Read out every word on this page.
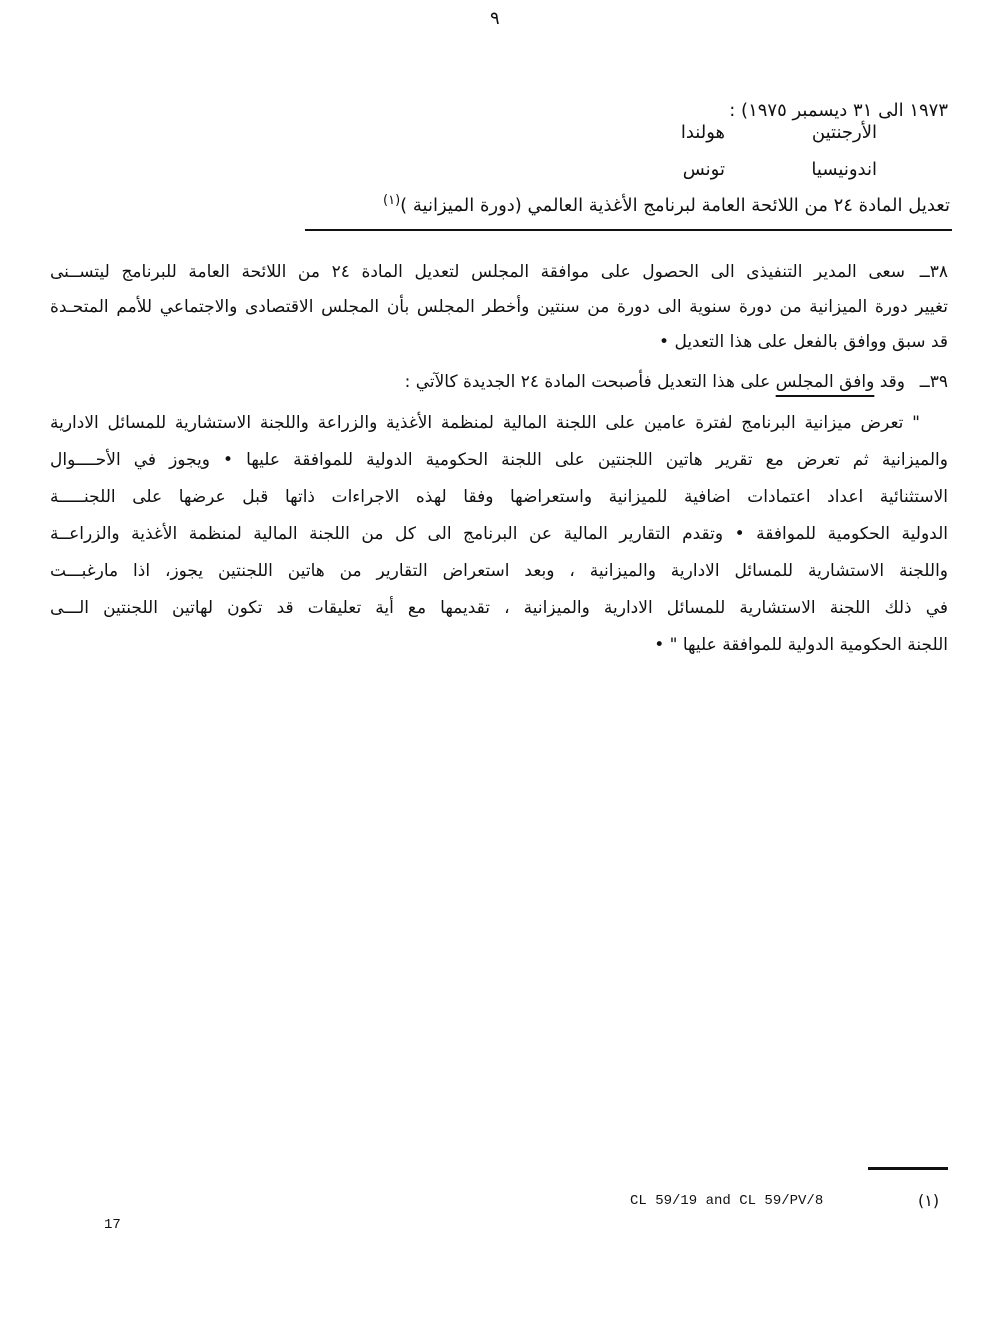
٩
١٩٧٣ الى ٣١ ديسمبر ١٩٧٥) :
الأرجنتين
اندونيسيا
هولندا
تونس
تعديل المادة ٢٤ من اللائحة العامة لبرنامج الأغذية العالمي (دورة الميزانية )$^{(١)}$
٣٨ــ
سعى المدير التنفيذى الى الحصول على موافقة المجلس لتعديل المادة ٢٤ من اللائحة العامة للبرنامج ليتســنى
تغيير دورة الميزانية من دورة سنوية الى دورة من سنتين وأخطر المجلس بأن المجلس الاقتصادى والاجتماعي للأمم المتحـدة
قد سبق ووافق بالفعل على هذا التعديل •
٣٩ــ
وقد وافق المجلس على هذا التعديل فأصبحت المادة ٢٤ الجديدة كالآتي :
" تعرض ميزانية البرنامج لفترة عامين على اللجنة المالية لمنظمة الأغذية والزراعة واللجنة الاستشارية للمسائل الادارية
والميزانية ثم تعرض مع تقرير هاتين اللجنتين على اللجنة الحكومية الدولية للموافقة عليها • ويجوز في الأحــــوال
الاستثنائية اعداد اعتمادات اضافية للميزانية واستعراضها وفقا لهذه الاجراءات ذاتها قبل عرضها على اللجنـــــة
الدولية الحكومية للموافقة • وتقدم التقارير المالية عن البرنامج الى كل من اللجنة المالية لمنظمة الأغذية والزراعــة
واللجنة الاستشارية للمسائل الادارية والميزانية ، وبعد استعراض التقارير من هاتين اللجنتين يجوز، اذا مارغبـــت
في ذلك اللجنة الاستشارية للمسائل الادارية والميزانية ، تقديمها مع أية تعليقات قد تكون لهاتين اللجنتين الـــى
اللجنة الحكومية الدولية للموافقة عليها " •
CL 59/19 and CL 59/PV/8	(١)
17
